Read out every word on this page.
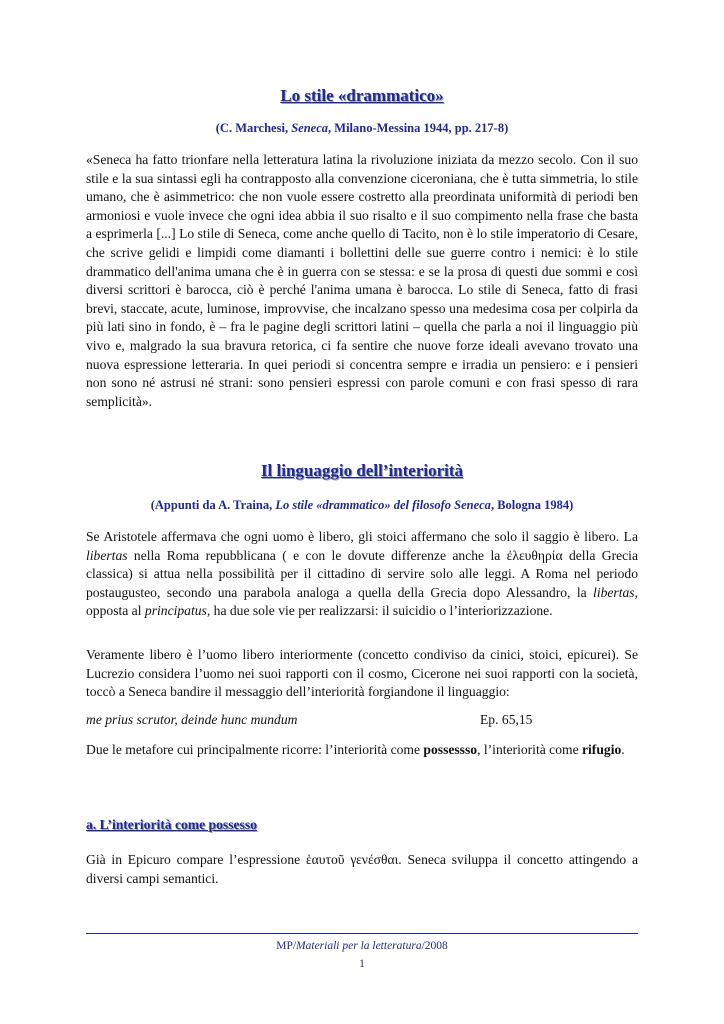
Lo stile «drammatico»
(C. Marchesi, Seneca, Milano-Messina 1944, pp. 217-8)

«Seneca ha fatto trionfare nella letteratura latina la rivoluzione iniziata da mezzo secolo. Con il suo stile e la sua sintassi egli ha contrapposto alla convenzione ciceroniana, che è tutta simmetria, lo stile umano, che è asimmetrico: che non vuole essere costretto alla preordinata uniformità di periodi ben armoniosi e vuole invece che ogni idea abbia il suo risalto e il suo compimento nella frase che basta a esprimerla [...] Lo stile di Seneca, come anche quello di Tacito, non è lo stile imperatorio di Cesare, che scrive gelidi e limpidi come diamanti i bollettini delle sue guerre contro i nemici: è lo stile drammatico dell'anima umana che è in guerra con se stessa: e se la prosa di questi due sommi e così diversi scrittori è barocca, ciò è perché l'anima umana è barocca. Lo stile di Seneca, fatto di frasi brevi, staccate, acute, luminose, improvvise, che incalzano spesso una medesima cosa per colpirla da più lati sino in fondo, è – fra le pagine degli scrittori latini – quella che parla a noi il linguaggio più vivo e, malgrado la sua bravura retorica, ci fa sentire che nuove forze ideali avevano trovato una nuova espressione letteraria. In quei periodi si concentra sempre e irradia un pensiero: e i pensieri non sono né astrusi né strani: sono pensieri espressi con parole comuni e con frasi spesso di rara semplicità».

Il linguaggio dell’interiorità
(Appunti da A. Traina, Lo stile «drammatico» del filosofo Seneca, Bologna 1984)

Se Aristotele affermava che ogni uomo è libero, gli stoici affermano che solo il saggio è libero. La libertas nella Roma repubblicana ( e con le dovute differenze anche la ἐλευθηρία della Grecia classica) si attua nella possibilità per il cittadino di servire solo alle leggi. A Roma nel periodo postaugusteo, secondo una parabola analoga a quella della Grecia dopo Alessandro, la libertas, opposta al principatus, ha due sole vie per realizzarsi: il suicidio o l’interiorizzazione.

Veramente libero è l’uomo libero interiormente (concetto condiviso da cinici, stoici, epicurei). Se Lucrezio considera l’uomo nei suoi rapporti con il cosmo, Cicerone nei suoi rapporti con la società, toccò a Seneca bandire il messaggio dell’interiorità forgiandone il linguaggio:

me prius scrutor, deinde hunc mundum	Ep. 65,15

Due le metafore cui principalmente ricorre: l’interiorità come possessso, l’interiorità come rifugio.

a. L’interiorità come possesso

Già in Epicuro compare l’espressione ἑαυτοῦ γενέσθαι. Seneca sviluppa il concetto attingendo a diversi campi semantici.

MP/Materiali per la letteratura/2008
1
